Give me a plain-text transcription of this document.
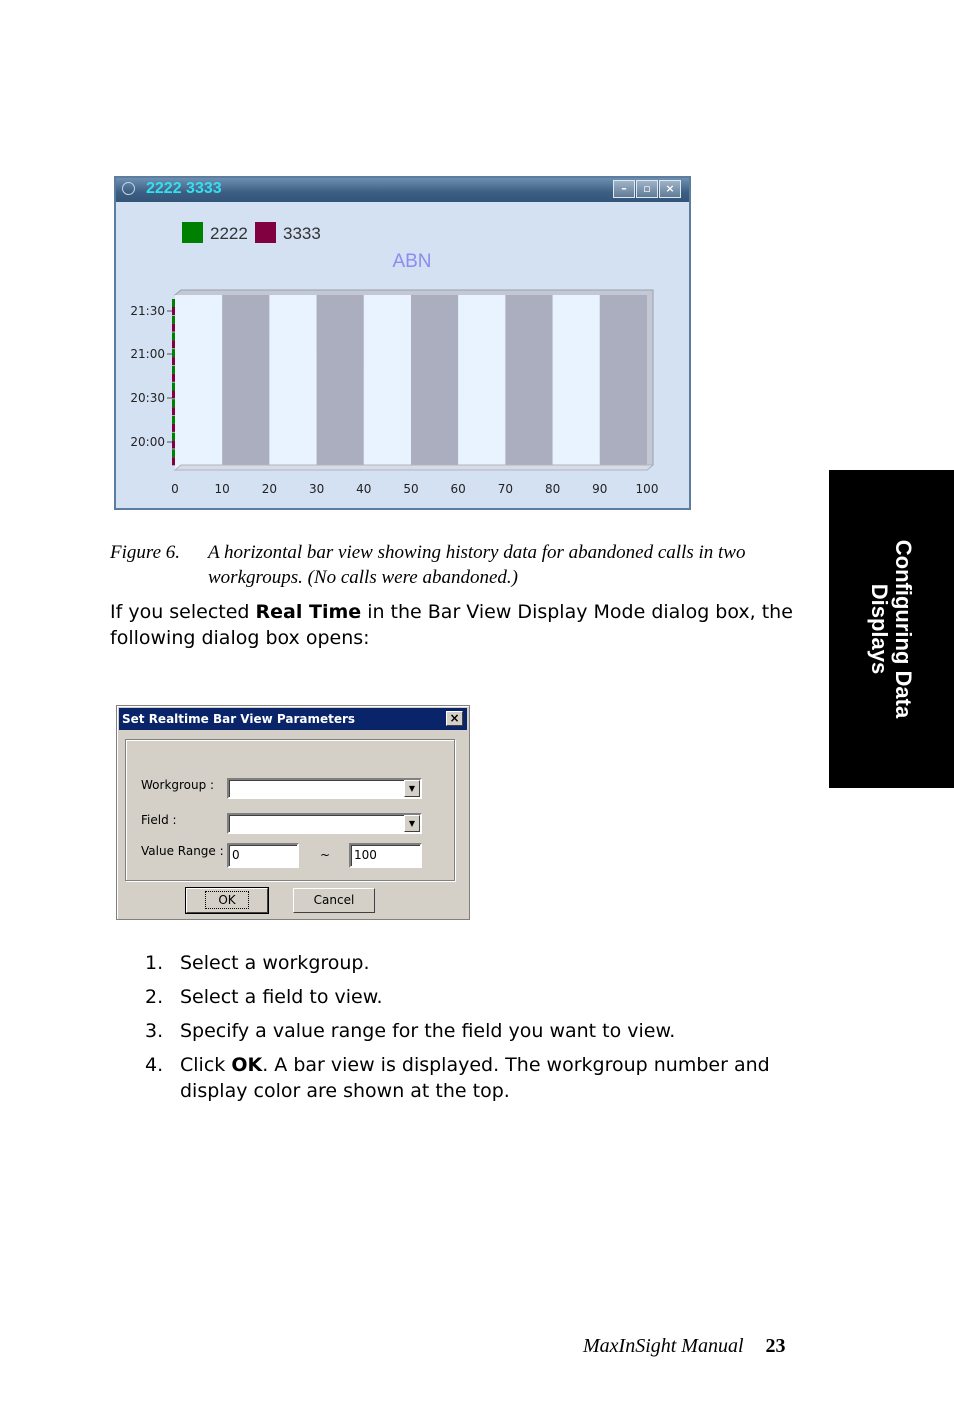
2222 3333	–	▫	×
2222 3333
ABN
21:30
21:00
20:30
20:00
0	10	20	30	40	50	60	70	80	90 100
Figure 6. A horizontal bar view showing history data for abandoned calls in two workgroups. (No calls were abandoned.)
If you selected Real Time in the Bar View Display Mode dialog box, the following dialog box opens:
Set Realtime Bar View Parameters	×
Workgroup :	▼
Field :	▼
Value Range : 0	~	100
OK	Cancel
1. Select a workgroup.
2. Select a field to view.
3. Specify a value range for the field you want to view.
4. Click OK. A bar view is displayed. The workgroup number and display color are shown at the top.
Configuring Data
Displays
MaxInSight Manual 23
